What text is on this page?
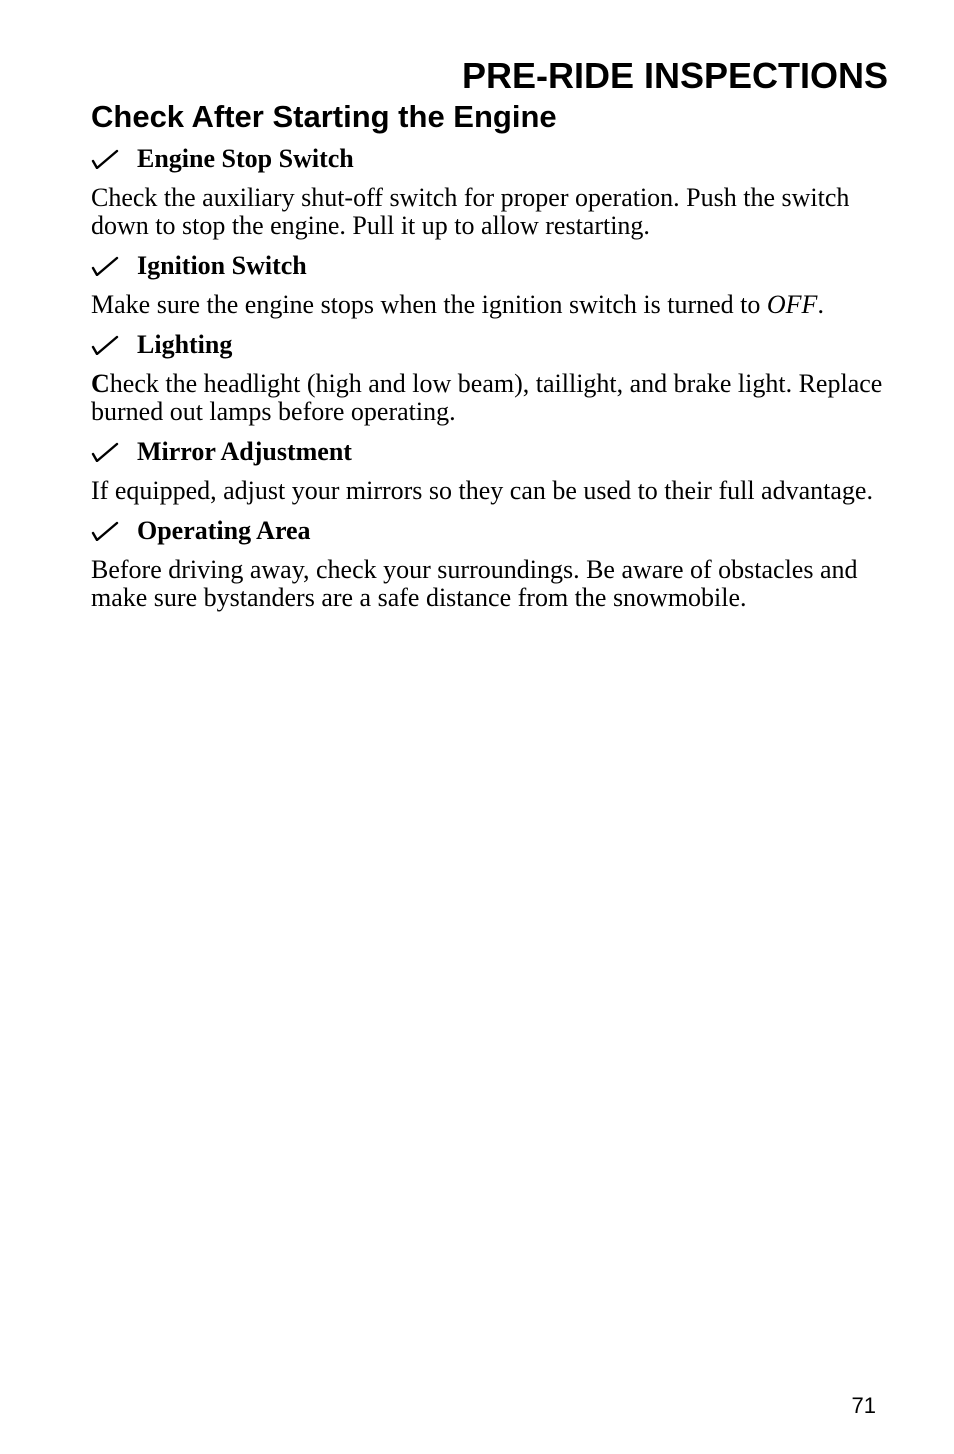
PRE-RIDE INSPECTIONS
Check After Starting the Engine
Engine Stop Switch

Check the auxiliary shut-off switch for proper operation. Push the switch down to stop the engine. Pull it up to allow restarting.

Ignition Switch

Make sure the engine stops when the ignition switch is turned to OFF.

Lighting

Check the headlight (high and low beam), taillight, and brake light. Replace burned out lamps before operating.

Mirror Adjustment

If equipped, adjust your mirrors so they can be used to their full advantage.

Operating Area

Before driving away, check your surroundings. Be aware of obstacles and make sure bystanders are a safe distance from the snowmobile.

71
